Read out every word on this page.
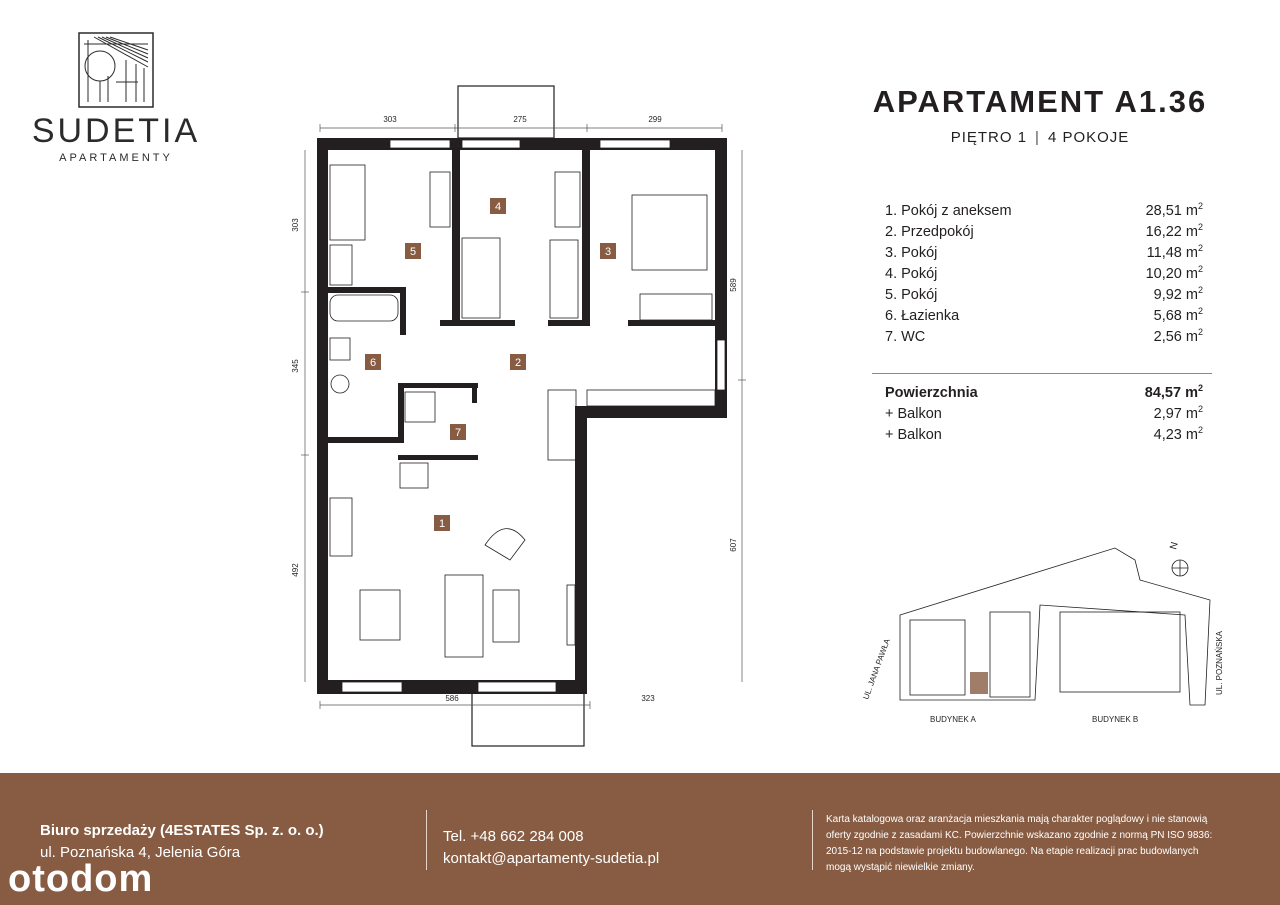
SUDETIA
APARTAMENTY
APARTAMENT A1.36
PIĘTRO 1 | 4 POKOJE
1. Pokój z aneksem	28,51 $m^2$
2. Przedpokój	16,22 $m^2$
3. Pokój	11,48 $m^2$
4. Pokój	10,20 $m^2$
5. Pokój	9,92 $m^2$
6. Łazienka	5,68 $m^2$
7. WC	2,56 $m^2$
Powierzchnia	84,57 $m^2$
+ Balkon	2,97 $m^2$
+ Balkon	4,23 $m^2$
303	275	299
303
345
492
589
607
586	323
5
4
3
6	2
7
1
N
UL. JANA PAWŁA	UL. POZNAŃSKA
BUDYNEK A	BUDYNEK B
Biuro sprzedaży (4ESTATES Sp. z. o. o.)
ul. Poznańska 4, Jelenia Góra
Tel. +48 662 284 008
kontakt@apartamenty-sudetia.pl
Karta katalogowa oraz aranżacja mieszkania mają charakter poglądowy i nie stanowią oferty zgodnie z zasadami KC. Powierzchnie wskazano zgodnie z normą PN ISO 9836: 2015-12 na podstawie projektu budowlanego. Na etapie realizacji prac budowlanych mogą wystąpić niewielkie zmiany.
otodom
